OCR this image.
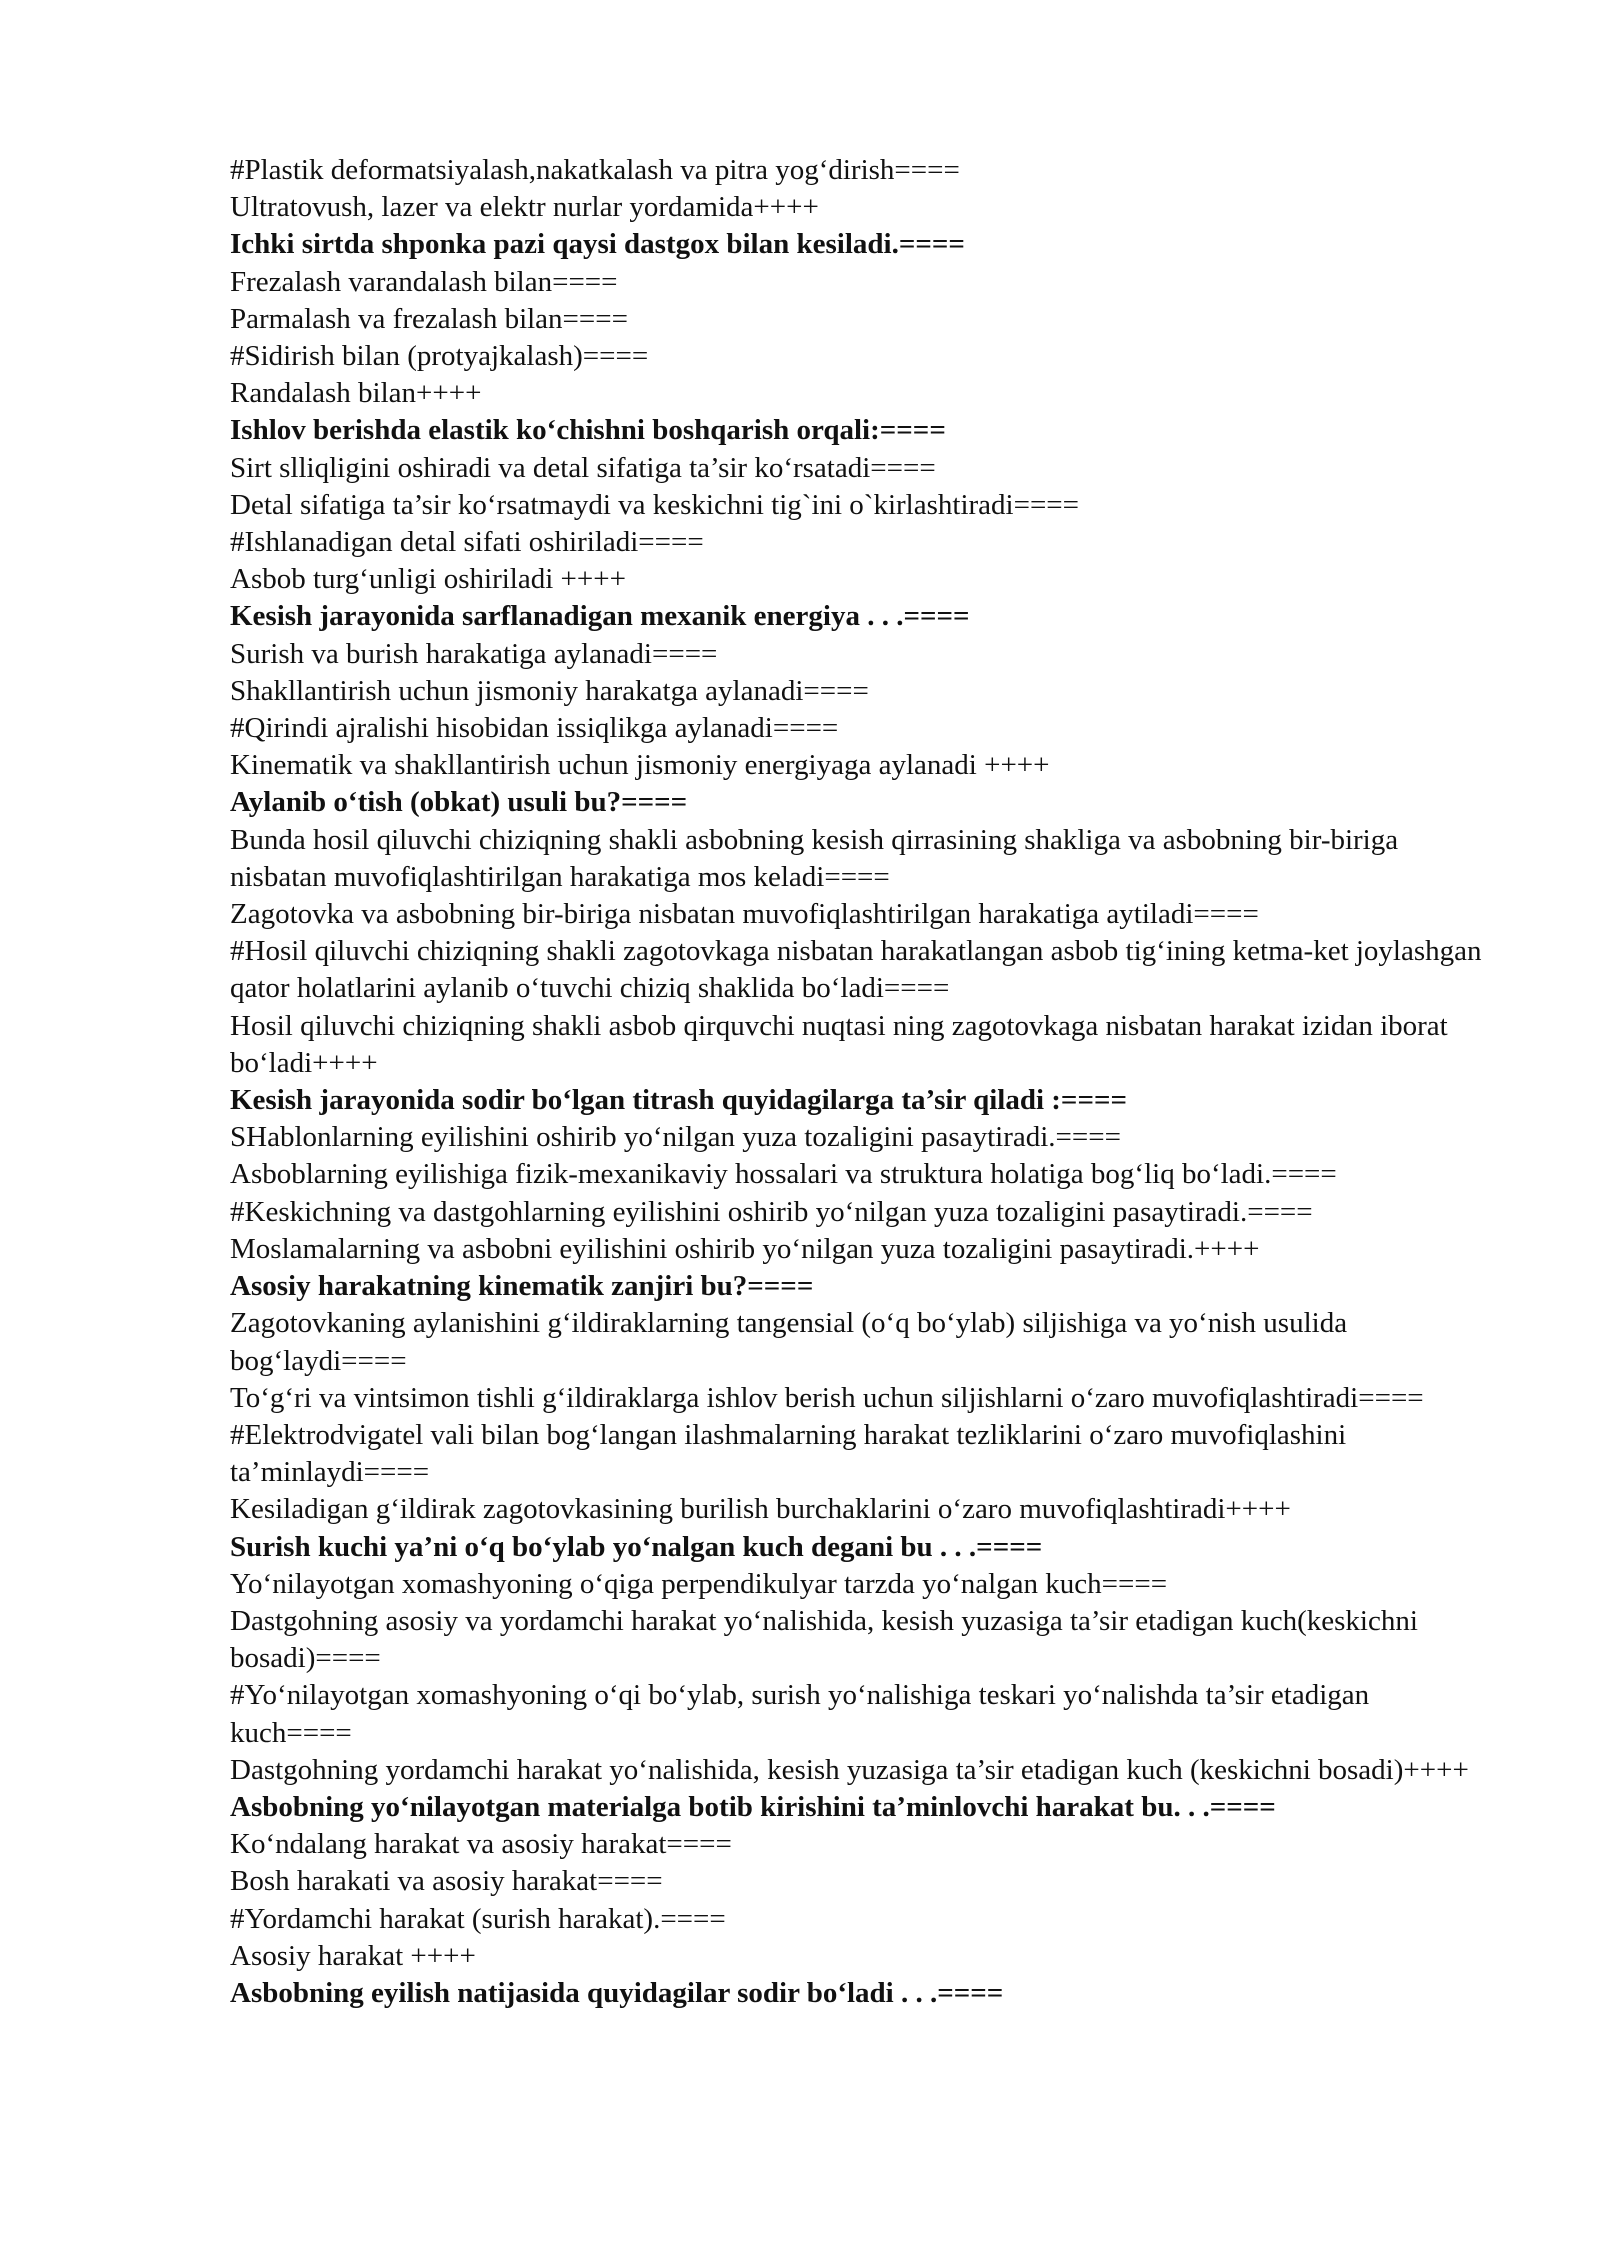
#Plastik deformatsiyalash,nakatkalash va pitra yog‘dirish====

Ultratovush, lazer va elektr nurlar yordamida++++

Ichki sirtda shponka pazi qaysi dastgox bilan kesiladi.====

Frezalash varandalash bilan====

Parmalash va frezalash bilan====

#Sidirish bilan (protyajkalash)====

Randalash bilan++++

Ishlov berishda elastik ko‘chishni boshqarish orqali:====

Sirt slliqligini oshiradi va detal sifatiga ta’sir ko‘rsatadi====

Detal sifatiga ta’sir ko‘rsatmaydi va keskichni tig`ini o`kirlashtiradi====

#Ishlanadigan detal sifati oshiriladi====

Asbob turg‘unligi oshiriladi ++++

Kesish jarayonida sarflanadigan mexanik energiya . . .====

Surish va burish harakatiga aylanadi====

Shakllantirish uchun jismoniy harakatga aylanadi====

#Qirindi ajralishi hisobidan issiqlikga aylanadi====

Kinematik va shakllantirish uchun jismoniy energiyaga aylanadi ++++

Aylanib o‘tish (obkat) usuli bu?====

Bunda hosil qiluvchi chiziqning shakli asbobning kesish qirrasining shakliga va asbobning bir-biriga nisbatan muvofiqlashtirilgan harakatiga mos keladi====

Zagotovka va asbobning bir-biriga nisbatan muvofiqlashtirilgan harakatiga aytiladi====

#Hosil qiluvchi chiziqning shakli zagotovkaga nisbatan harakatlangan asbob tig‘ining ketma-ket joylashgan qator holatlarini aylanib o‘tuvchi chiziq shaklida bo‘ladi====

Hosil qiluvchi chiziqning shakli asbob qirquvchi nuqtasi ning zagotovkaga nisbatan harakat izidan iborat bo‘ladi++++

Kesish jarayonida sodir bo‘lgan titrash quyidagilarga ta’sir qiladi :====

SHablonlarning eyilishini oshirib yo‘nilgan yuza tozaligini pasaytiradi.====

Asboblarning eyilishiga fizik-mexanikaviy hossalari va struktura holatiga bog‘liq bo‘ladi.====

#Keskichning va dastgohlarning eyilishini oshirib yo‘nilgan yuza tozaligini pasaytiradi.====

Moslamalarning va asbobni eyilishini oshirib yo‘nilgan yuza tozaligini pasaytiradi.++++

Asosiy harakatning kinematik zanjiri bu?====

Zagotovkaning aylanishini g‘ildiraklarning tangensial (o‘q bo‘ylab) siljishiga va yo‘nish usulida bog‘laydi====

To‘g‘ri va vintsimon tishli g‘ildiraklarga ishlov berish uchun siljishlarni o‘zaro muvofiqlashtiradi====

#Elektrodvigatel vali bilan bog‘langan ilashmalarning harakat tezliklarini o‘zaro muvofiqlashini ta’minlaydi====

Kesiladigan g‘ildirak zagotovkasining burilish burchaklarini o‘zaro muvofiqlashtiradi++++

Surish kuchi ya’ni o‘q bo‘ylab yo‘nalgan kuch degani bu . . .====

Yo‘nilayotgan xomashyoning o‘qiga perpendikulyar tarzda yo‘nalgan kuch====

Dastgohning asosiy va yordamchi harakat yo‘nalishida, kesish yuzasiga ta’sir etadigan kuch(keskichni bosadi)====

#Yo‘nilayotgan xomashyoning o‘qi bo‘ylab, surish yo‘nalishiga teskari yo‘nalishda ta’sir etadigan kuch====

Dastgohning yordamchi harakat yo‘nalishida, kesish yuzasiga ta’sir etadigan kuch (keskichni bosadi)++++

Asbobning yo‘nilayotgan materialga botib kirishini ta’minlovchi harakat bu. . .====

Ko‘ndalang harakat va asosiy harakat====

Bosh harakati va asosiy harakat====

#Yordamchi harakat (surish harakat).====

Asosiy harakat ++++

Asbobning eyilish natijasida quyidagilar sodir bo‘ladi . . .====
